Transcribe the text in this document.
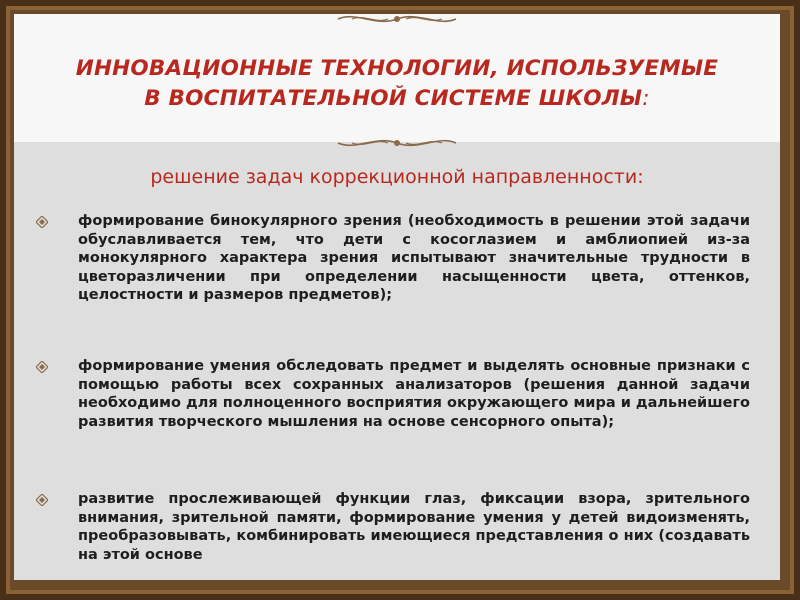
ИННОВАЦИОННЫЕ ТЕХНОЛОГИИ, ИСПОЛЬЗУЕМЫЕ
В ВОСПИТАТЕЛЬНОЙ СИСТЕМЕ ШКОЛЫ:
решение задач коррекционной направленности:
формирование бинокулярного зрения (необходимость в решении этой задачи обуславливается тем, что дети с косоглазием и амблиопией из-за монокулярного характера зрения испытывают значительные трудности в цветоразличении при определении насыщенности цвета, оттенков, целостности и размеров предметов);
формирование умения обследовать предмет и выделять основные признаки с помощью работы всех сохранных анализаторов (решения данной задачи необходимо для полноценного восприятия окружающего мира и дальнейшего развития творческого мышления на основе сенсорного опыта);
развитие прослеживающей функции глаз, фиксации взора, зрительного внимания, зрительной памяти, формирование умения у детей видоизменять, преобразовывать, комбинировать имеющиеся представления о них (создавать на этой основе
